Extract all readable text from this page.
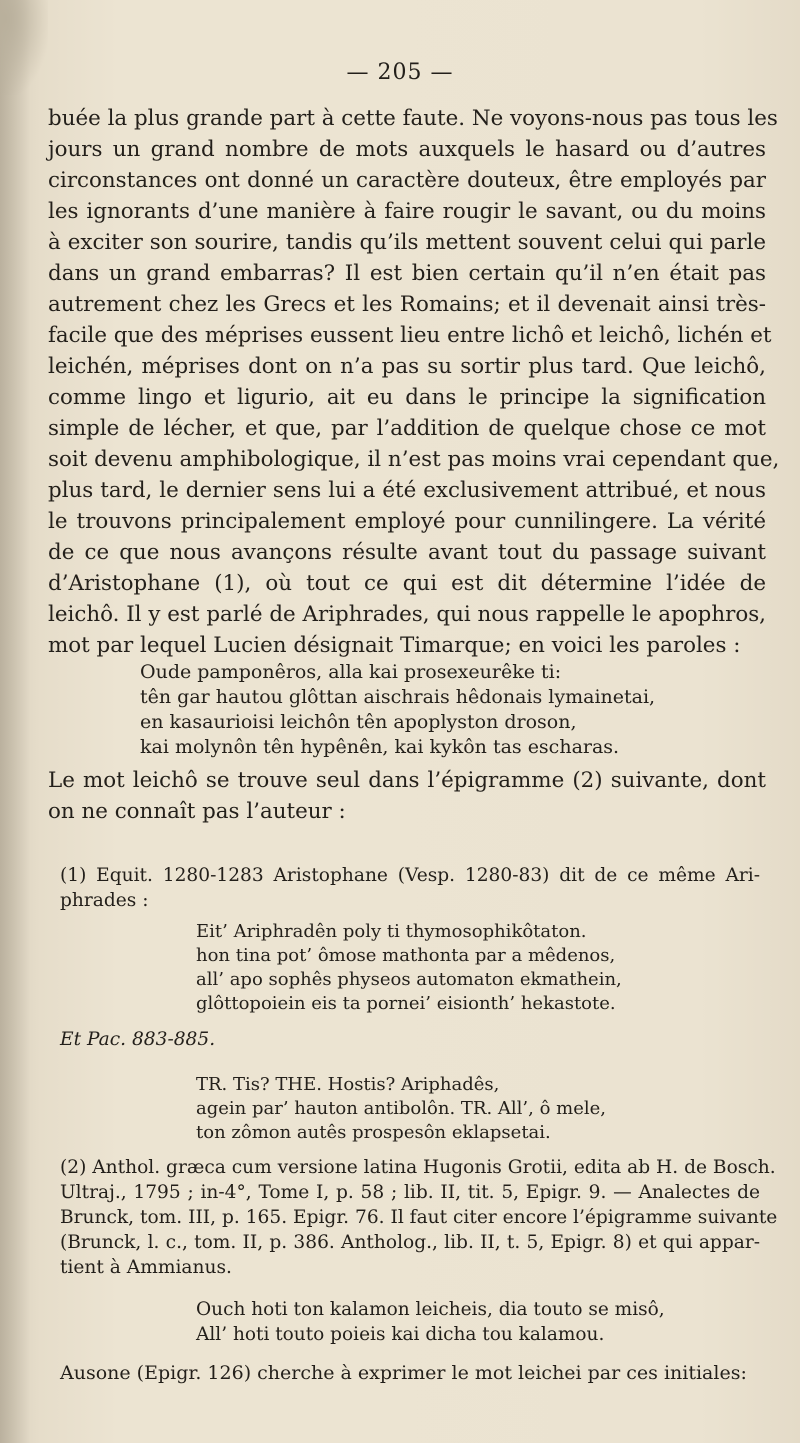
— 205 —

buée la plus grande part à cette faute. Ne voyons-nous pas tous les
jours un grand nombre de mots auxquels le hasard ou d’autres
circonstances ont donné un caractère douteux, être employés par
les ignorants d’une manière à faire rougir le savant, ou du moins
à exciter son sourire, tandis qu’ils mettent souvent celui qui parle
dans un grand embarras? Il est bien certain qu’il n’en était pas
autrement chez les Grecs et les Romains; et il devenait ainsi très-
facile que des méprises eussent lieu entre lichô et leichô, lichén et
leichén, méprises dont on n’a pas su sortir plus tard. Que leichô,
comme lingo et ligurio, ait eu dans le principe la signification
simple de lécher, et que, par l’addition de quelque chose ce mot
soit devenu amphibologique, il n’est pas moins vrai cependant que,
plus tard, le dernier sens lui a été exclusivement attribué, et nous
le trouvons principalement employé pour cunnilingere. La vérité
de ce que nous avançons résulte avant tout du passage suivant
d’Aristophane (1), où tout ce qui est dit détermine l’idée de
leichô. Il y est parlé de Ariphrades, qui nous rappelle le apophros,
mot par lequel Lucien désignait Timarque; en voici les paroles :

Oude pamponêros, alla kai prosexeurêke ti:
tên gar hautou glôttan aischrais hêdonais lymainetai,
en kasaurioisi leichôn tên apoplyston droson,
kai molynôn tên hypênên, kai kykôn tas escharas.

Le mot leichô se trouve seul dans l’épigramme (2) suivante, dont
on ne connaît pas l’auteur :

(1) Equit. 1280-1283 Aristophane (Vesp. 1280-83) dit de ce même Ari-
phrades :
Eit’ Ariphradên poly ti thymosophikôtaton.
hon tina pot’ ômose mathonta par a mêdenos,
all’ apo sophês physeos automaton ekmathein,
glôttopoiein eis ta pornei’ eisionth’ hekastote.
Et Pac. 883-885.
TR. Tis? THE. Hostis? Ariphadês,
agein par’ hauton antibolôn. TR. All’, ô mele,
ton zômon autês prospesôn eklapsetai.
(2) Anthol. græca cum versione latina Hugonis Grotii, edita ab H. de Bosch.
Ultraj., 1795 ; in-4°, Tome I, p. 58 ; lib. II, tit. 5, Epigr. 9. — Analectes de
Brunck, tom. III, p. 165. Epigr. 76. Il faut citer encore l’épigramme suivante
(Brunck, l. c., tom. II, p. 386. Antholog., lib. II, t. 5, Epigr. 8) et qui appar-
tient à Ammianus.
Ouch hoti ton kalamon leicheis, dia touto se misô,
All’ hoti touto poieis kai dicha tou kalamou.
Ausone (Epigr. 126) cherche à exprimer le mot leichei par ces initiales:
